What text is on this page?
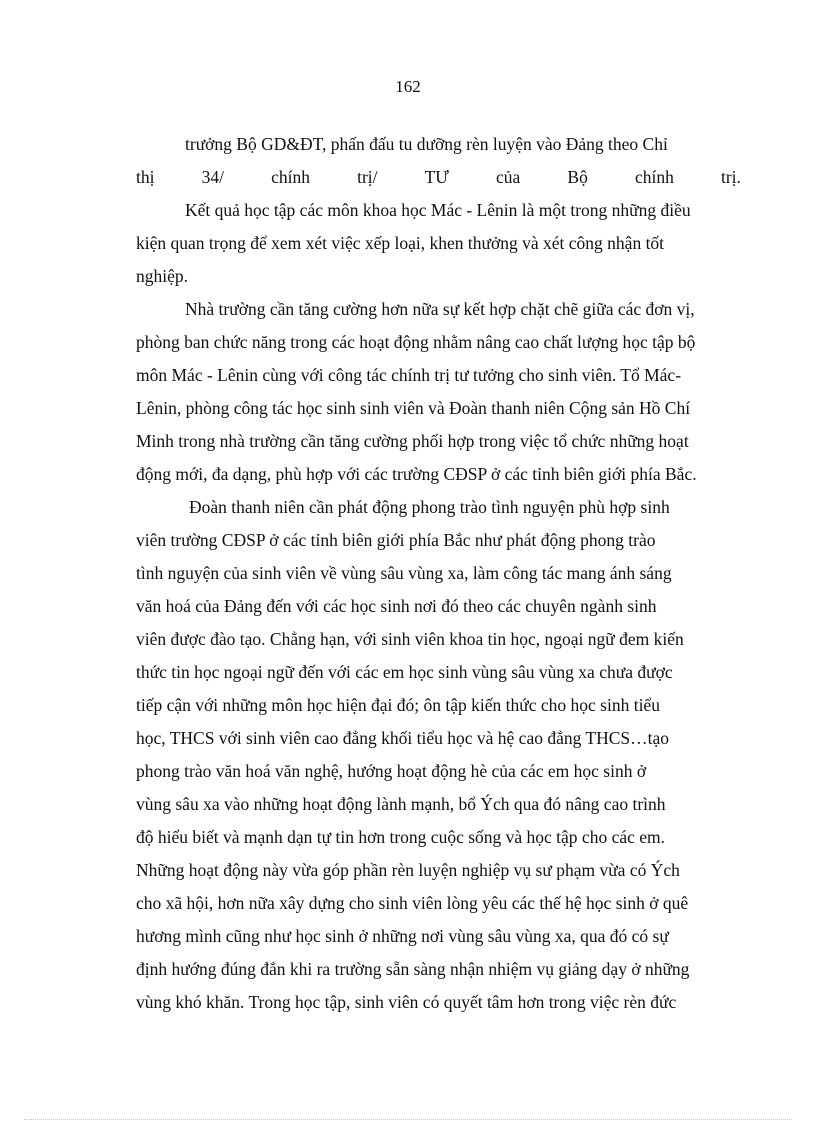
162
trưởng Bộ GD&ĐT, phấn đấu tu dưỡng rèn luyện vào Đảng theo Chỉ
thị	34/	chính	trị/	TƯ	của	Bộ	chính	trị.
Kết quả học tập các môn khoa học Mác - Lênin là một trong những điều
kiện quan trọng để xem xét việc xếp loại, khen thưởng và xét công nhận tốt
nghiệp.
Nhà trường cần tăng cường hơn nữa sự kết hợp chặt chẽ giữa các đơn vị,
phòng ban chức năng trong các hoạt động nhằm nâng cao chất lượng học tập bộ
môn Mác - Lênin cùng với công tác chính trị tư tưởng cho sinh viên. Tổ Mác-
Lênin, phòng công tác học sinh sinh viên và Đoàn thanh niên Cộng sản Hồ Chí
Minh trong nhà trường cần tăng cường phối hợp trong việc tổ chức những hoạt
động mới, đa dạng, phù hợp với các trường CĐSP ở các tỉnh biên giới phía Bắc.
Đoàn thanh niên cần phát động phong trào tình nguyện phù hợp sinh
viên trường CĐSP ở các tỉnh biên giới phía Bắc như phát động phong trào
tình nguyện của sinh viên về vùng sâu vùng xa, làm công tác mang ánh sáng
văn hoá của Đảng đến với các học sinh nơi đó theo các chuyên ngành sinh
viên được đào tạo. Chẳng hạn, với sinh viên khoa tin học, ngoại ngữ đem kiến
thức tin học ngoại ngữ đến với các em học sinh vùng sâu vùng xa chưa được
tiếp cận với những môn học hiện đại đó; ôn tập kiến thức cho học sinh tiểu
học, THCS với sinh viên cao đẳng khối tiểu học và hệ cao đẳng THCS…tạo
phong trào văn hoá văn nghệ, hướng hoạt động hè của các em học sinh ở
vùng sâu xa vào những hoạt động lành mạnh, bổ Ých qua đó nâng cao trình
độ hiểu biết và mạnh dạn tự tin hơn trong cuộc sống và học tập cho các em.
Những hoạt động này vừa góp phần rèn luyện nghiệp vụ sư phạm vừa có Ých
cho xã hội, hơn nữa xây dựng cho sinh viên lòng yêu các thế hệ học sinh ở quê
hương mình cũng như học sinh ở những nơi vùng sâu vùng xa, qua đó có sự
định hướng đúng đắn khi ra trường sẵn sàng nhận nhiệm vụ giảng dạy ở những
vùng khó khăn. Trong học tập, sinh viên có quyết tâm hơn trong việc rèn đức
